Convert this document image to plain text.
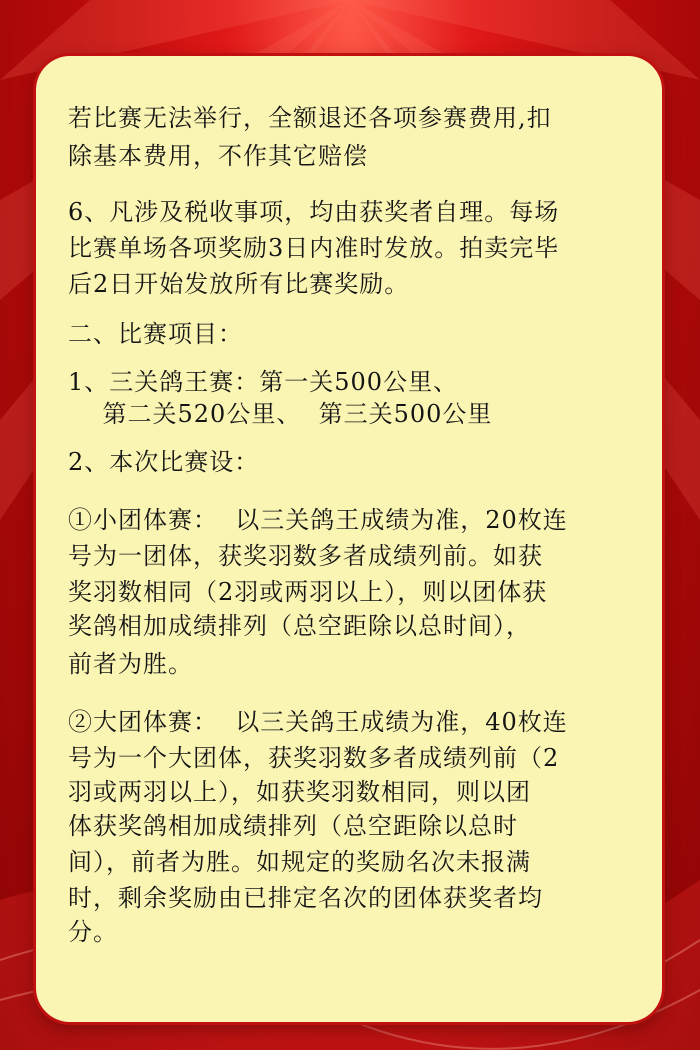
若比赛无法举行，全额退还各项参赛费用,扣

除基本费用，不作其它赔偿

6、凡涉及税收事项，均由获奖者自理。每场

比赛单场各项奖励3日内准时发放。拍卖完毕

后2日开始发放所有比赛奖励。

二、比赛项目：

1、三关鸽王赛：第一关500公里、

第二关520公里、  第三关500公里

2、本次比赛设：

①小团体赛：  以三关鸽王成绩为准，20枚连

号为一团体，获奖羽数多者成绩列前。如获

奖羽数相同（2羽或两羽以上），则以团体获

奖鸽相加成绩排列（总空距除以总时间），

前者为胜。

②大团体赛：  以三关鸽王成绩为准，40枚连

号为一个大团体，获奖羽数多者成绩列前（2

羽或两羽以上），如获奖羽数相同，则以团

体获奖鸽相加成绩排列（总空距除以总时

间），前者为胜。如规定的奖励名次未报满

时，剩余奖励由已排定名次的团体获奖者均

分。
